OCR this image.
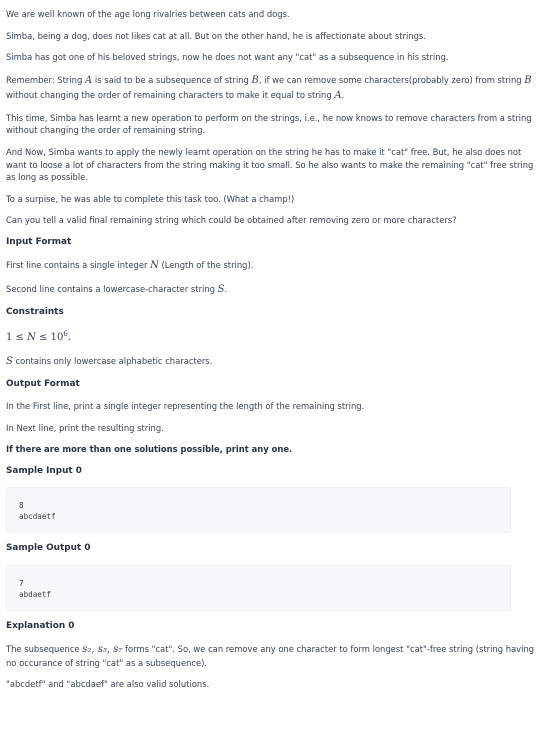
We are well known of the age long rivalries between cats and dogs.

Simba, being a dog, does not likes cat at all. But on the other hand, he is affectionate about strings.

Simba has got one of his beloved strings, now he does not want any "cat" as a subsequence in his string.

Remember: String A is said to be a subsequence of string B, if we can remove some characters(probably zero) from string B without changing the order of remaining characters to make it equal to string A.

This time, Simba has learnt a new operation to perform on the strings, i.e., he now knows to remove characters from a string without changing the order of remaining string.

And Now, Simba wants to apply the newly learnt operation on the string he has to make it "cat" free. But, he also does not want to loose a lot of characters from the string making it too small. So he also wants to make the remaining "cat" free string as long as possible.

To a surpise, he was able to complete this task too. (What a champ!)

Can you tell a valid final remaining string which could be obtained after removing zero or more characters?

Input Format

First line contains a single integer N (Length of the string).

Second line contains a lowercase-character string S.

Constraints

$1 \le N \le 10^6$.

S contains only lowercase alphabetic characters.

Output Format

In the First line, print a single integer representing the length of the remaining string.

In Next line, print the resulting string.

If there are more than one solutions possible, print any one.

Sample Input 0

8
abcdaetf

Sample Output 0

7
abdaetf

Explanation 0

The subsequence s₂, s₅, s₇ forms "cat". So, we can remove any one character to form longest "cat"-free string (string having no occurance of string "cat" as a subsequence).

"abcdetf" and "abcdaef" are also valid solutions.
